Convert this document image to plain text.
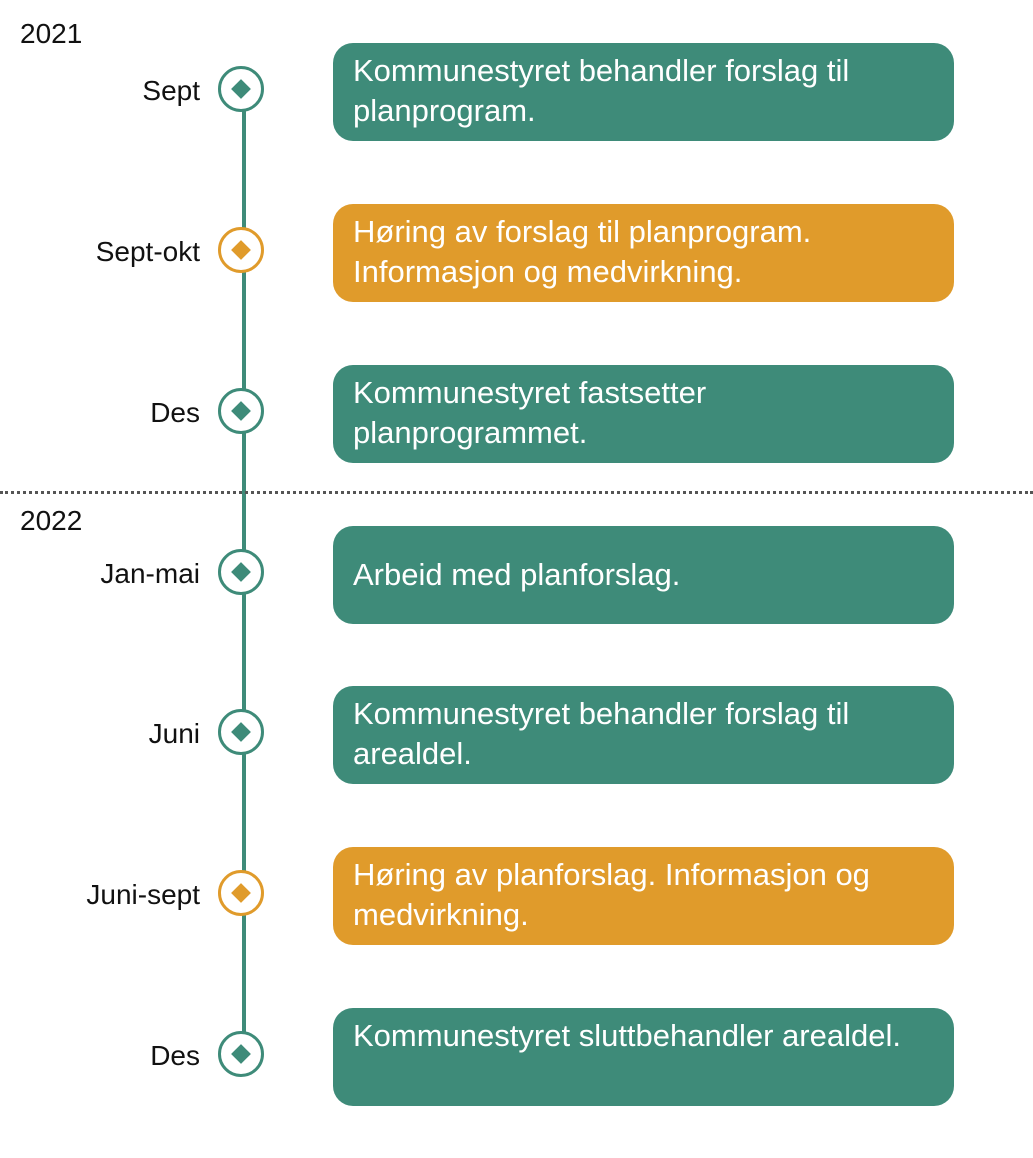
2021
2022
Sept
Kommunestyret behandler forslag til planprogram.
Sept-okt
Høring av forslag til planprogram. Informasjon og medvirkning.
Des
Kommunestyret fastsetter planprogrammet.
Jan-mai	Arbeid med planforslag.
Juni
Kommunestyret behandler forslag til arealdel.
Juni-sept
Høring av planforslag. Informasjon og medvirkning.
Des
Kommunestyret sluttbehandler arealdel.
